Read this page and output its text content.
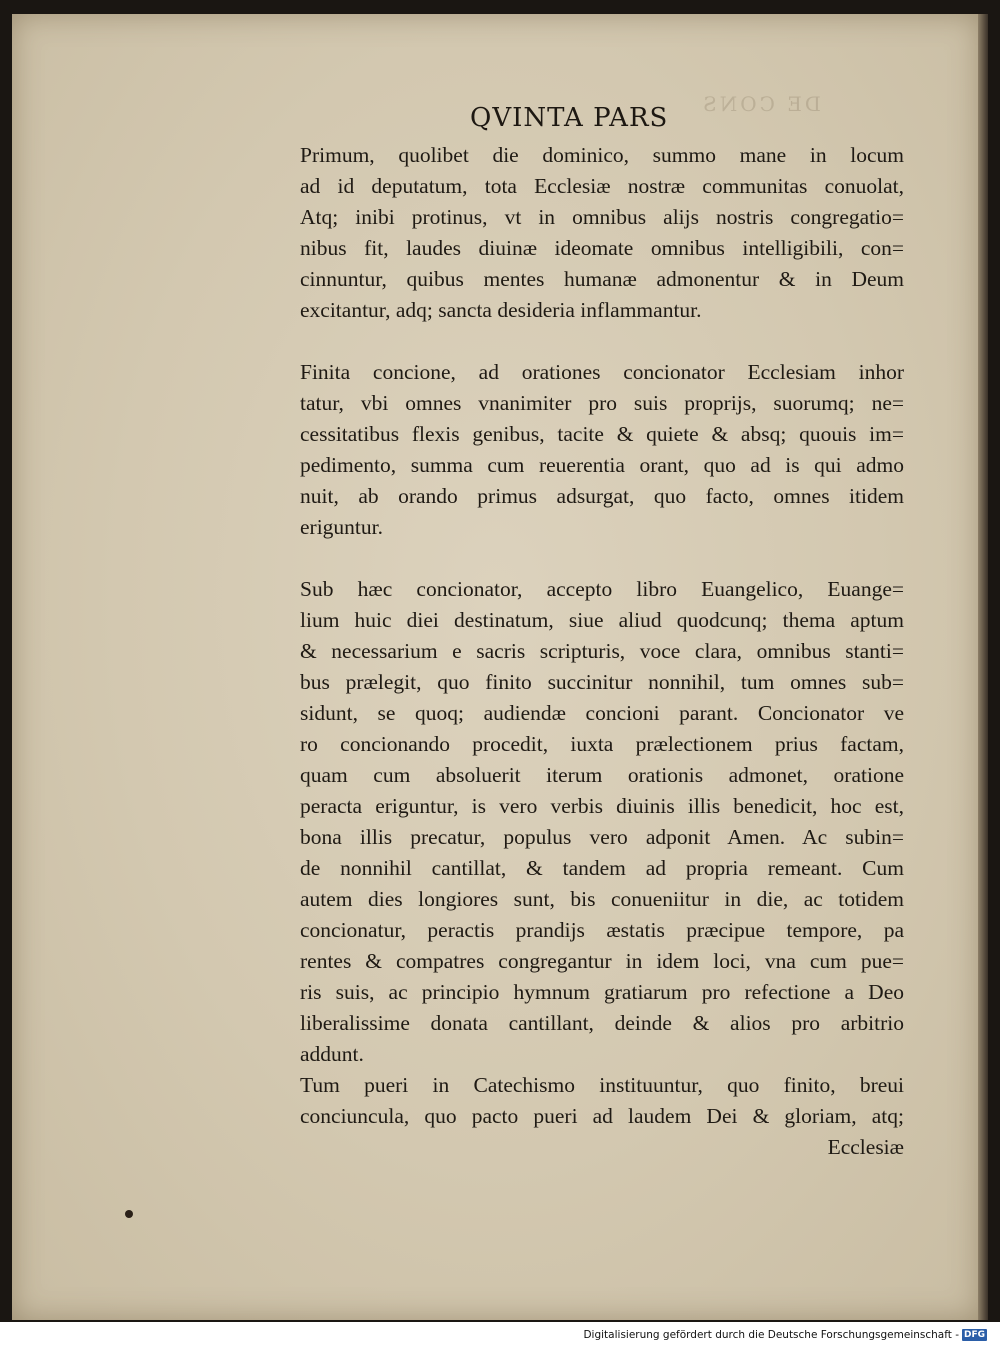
DE CONS
QVINTA PARS
Primum, quolibet die dominico, summo mane in locum
ad id deputatum, tota Ecclesiæ nostræ communitas conuolat,
Atq; inibi protinus, vt in omnibus alijs nostris congregatio=
nibus fit, laudes diuinæ ideomate omnibus intelligibili, con=
cinnuntur, quibus mentes humanæ admonentur & in Deum
excitantur, adq; sancta desideria inflammantur.
Finita concione, ad orationes concionator Ecclesiam inhor
tatur, vbi omnes vnanimiter pro suis proprijs, suorumq; ne=
cessitatibus flexis genibus, tacite & quiete & absq; quouis im=
pedimento, summa cum reuerentia orant, quo ad is qui admo
nuit, ab orando primus adsurgat, quo facto, omnes itidem
eriguntur.
Sub hæc concionator, accepto libro Euangelico, Euange=
lium huic diei destinatum, siue aliud quodcunq; thema aptum
& necessarium e sacris scripturis, voce clara, omnibus stanti=
bus prælegit, quo finito succinitur nonnihil, tum omnes sub=
sidunt, se quoq; audiendæ concioni parant. Concionator ve
ro concionando procedit, iuxta prælectionem prius factam,
quam cum absoluerit iterum orationis admonet, oratione
peracta eriguntur, is vero verbis diuinis illis benedicit, hoc est,
bona illis precatur, populus vero adponit Amen. Ac subin=
de nonnihil cantillat, & tandem ad propria remeant. Cum
autem dies longiores sunt, bis conueniitur in die, ac totidem
concionatur, peractis prandijs æstatis præcipue tempore, pa
rentes & compatres congregantur in idem loci, vna cum pue=
ris suis, ac principio hymnum gratiarum pro refectione a Deo
liberalissime donata cantillant, deinde & alios pro arbitrio
addunt.
Tum pueri in Catechismo instituuntur, quo finito, breui
conciuncula, quo pacto pueri ad laudem Dei & gloriam, atq;
Ecclesiæ
Digitalisierung gefördert durch die Deutsche Forschungsgemeinschaft - DFG
